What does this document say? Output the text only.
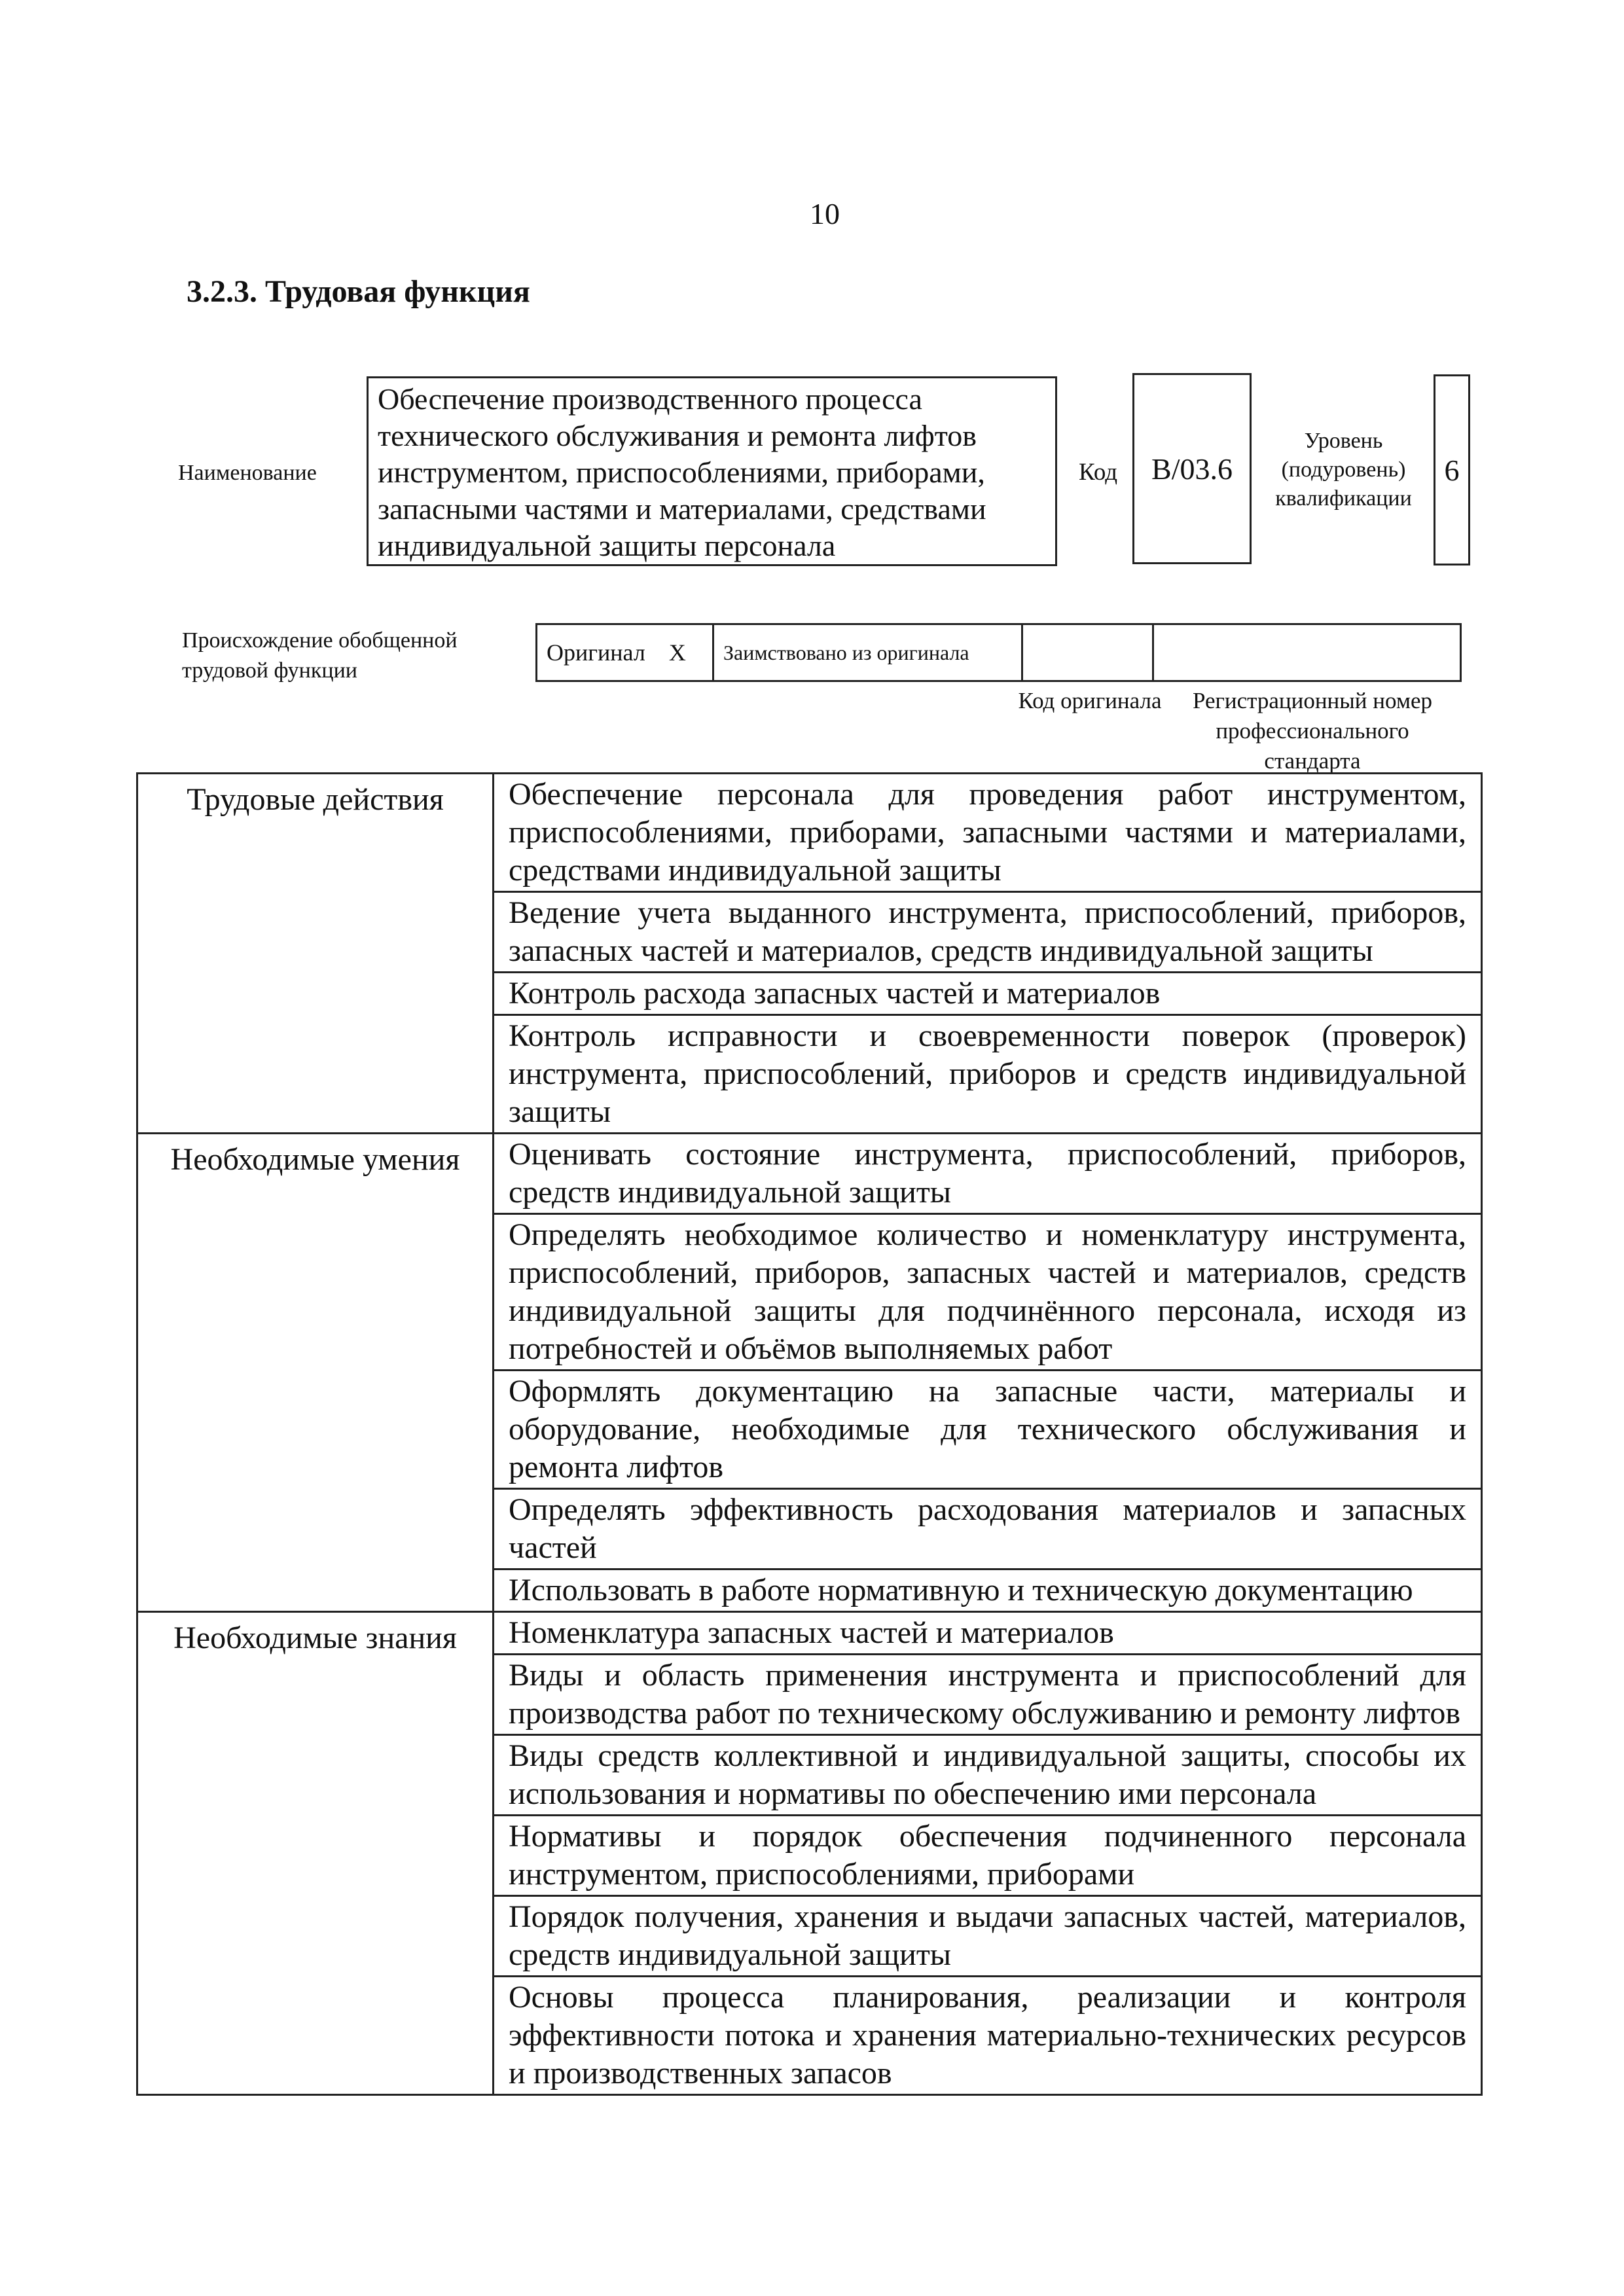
10
3.2.3. Трудовая функция
Наименование
Обеспечение производственного процесса технического обслуживания и ремонта лифтов инструментом, приспособлениями, приборами, запасными частями и материалами, средствами индивидуальной защиты персонала
Код	B/03.6
Уровень (подуровень) квалификации
6
Происхождение обобщенной трудовой функции
Оригинал X Заимствовано из оригинала
Код оригинала	Регистрационный номер профессионального стандарта
Трудовые действия	Обеспечение персонала для проведения работ инструментом, приспособлениями, приборами, запасными частями и материалами, средствами индивидуальной защиты
	Ведение учета выданного инструмента, приспособлений, приборов, запасных частей и материалов, средств индивидуальной защиты
	Контроль расхода запасных частей и материалов
	Контроль исправности и своевременности поверок (проверок) инструмента, приспособлений, приборов и средств индивидуальной защиты
Необходимые умения	Оценивать состояние инструмента, приспособлений, приборов, средств индивидуальной защиты
	Определять необходимое количество и номенклатуру инструмента, приспособлений, приборов, запасных частей и материалов, средств индивидуальной защиты для подчинённого персонала, исходя из потребностей и объёмов выполняемых работ
	Оформлять документацию на запасные части, материалы и оборудование, необходимые для технического обслуживания и ремонта лифтов
	Определять эффективность расходования материалов и запасных частей
	Использовать в работе нормативную и техническую документацию
Необходимые знания	Номенклатура запасных частей и материалов
	Виды и область применения инструмента и приспособлений для производства работ по техническому обслуживанию и ремонту лифтов
	Виды средств коллективной и индивидуальной защиты, способы их использования и нормативы по обеспечению ими персонала
	Нормативы и порядок обеспечения подчиненного персонала инструментом, приспособлениями, приборами
	Порядок получения, хранения и выдачи запасных частей, материалов, средств индивидуальной защиты
	Основы процесса планирования, реализации и контроля эффективности потока и хранения материально-технических ресурсов и производственных запасов
